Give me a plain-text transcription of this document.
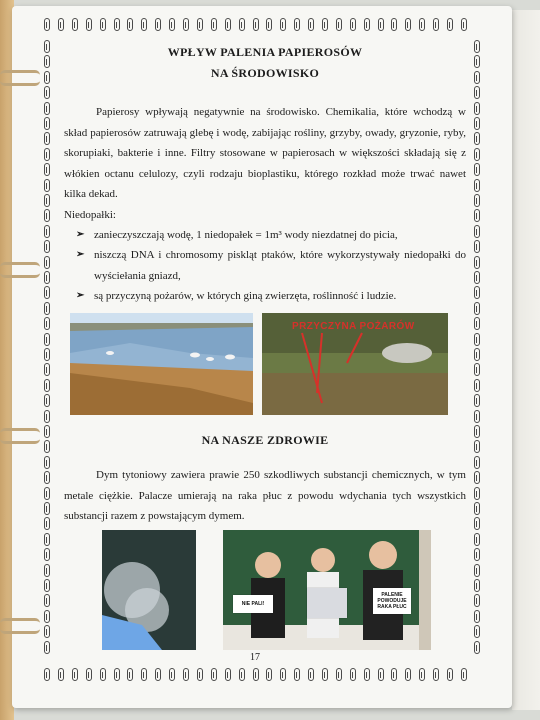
WPŁYW PALENIA PAPIEROSÓW

NA ŚRODOWISKO

Papierosy wpływają negatywnie na środowisko. Chemikalia, które wchodzą w skład papierosów zatruwają glebę i wodę, zabijając rośliny, grzyby, owady, gryzonie, ryby, skorupiaki, bakterie i inne. Filtry stosowane w papierosach w większości składają się z włókien octanu celulozy, czyli rodzaju bioplastiku, którego rozkład może trwać nawet kilka dekad.

Niedopałki:

➢ zanieczyszczają wodę, 1 niedopałek = 1m³ wody niezdatnej do picia,
➢ niszczą DNA i chromosomy piskląt ptaków, które wykorzystywały niedopałki do wyściełania gniazd,
➢ są przyczyną pożarów, w których giną zwierzęta, roślinność i ludzie.
PRZYCZYNA POŻARÓW

NA NASZE ZDROWIE

Dym tytoniowy zawiera prawie 250 szkodliwych substancji chemicznych, w tym metale ciężkie. Palacze umierają na raka płuc z powodu wdychania tych wszystkich substancji razem z powstającym dymem.

NIE PALI!
PALENIE POWODUJE RAKA PŁUC
17
